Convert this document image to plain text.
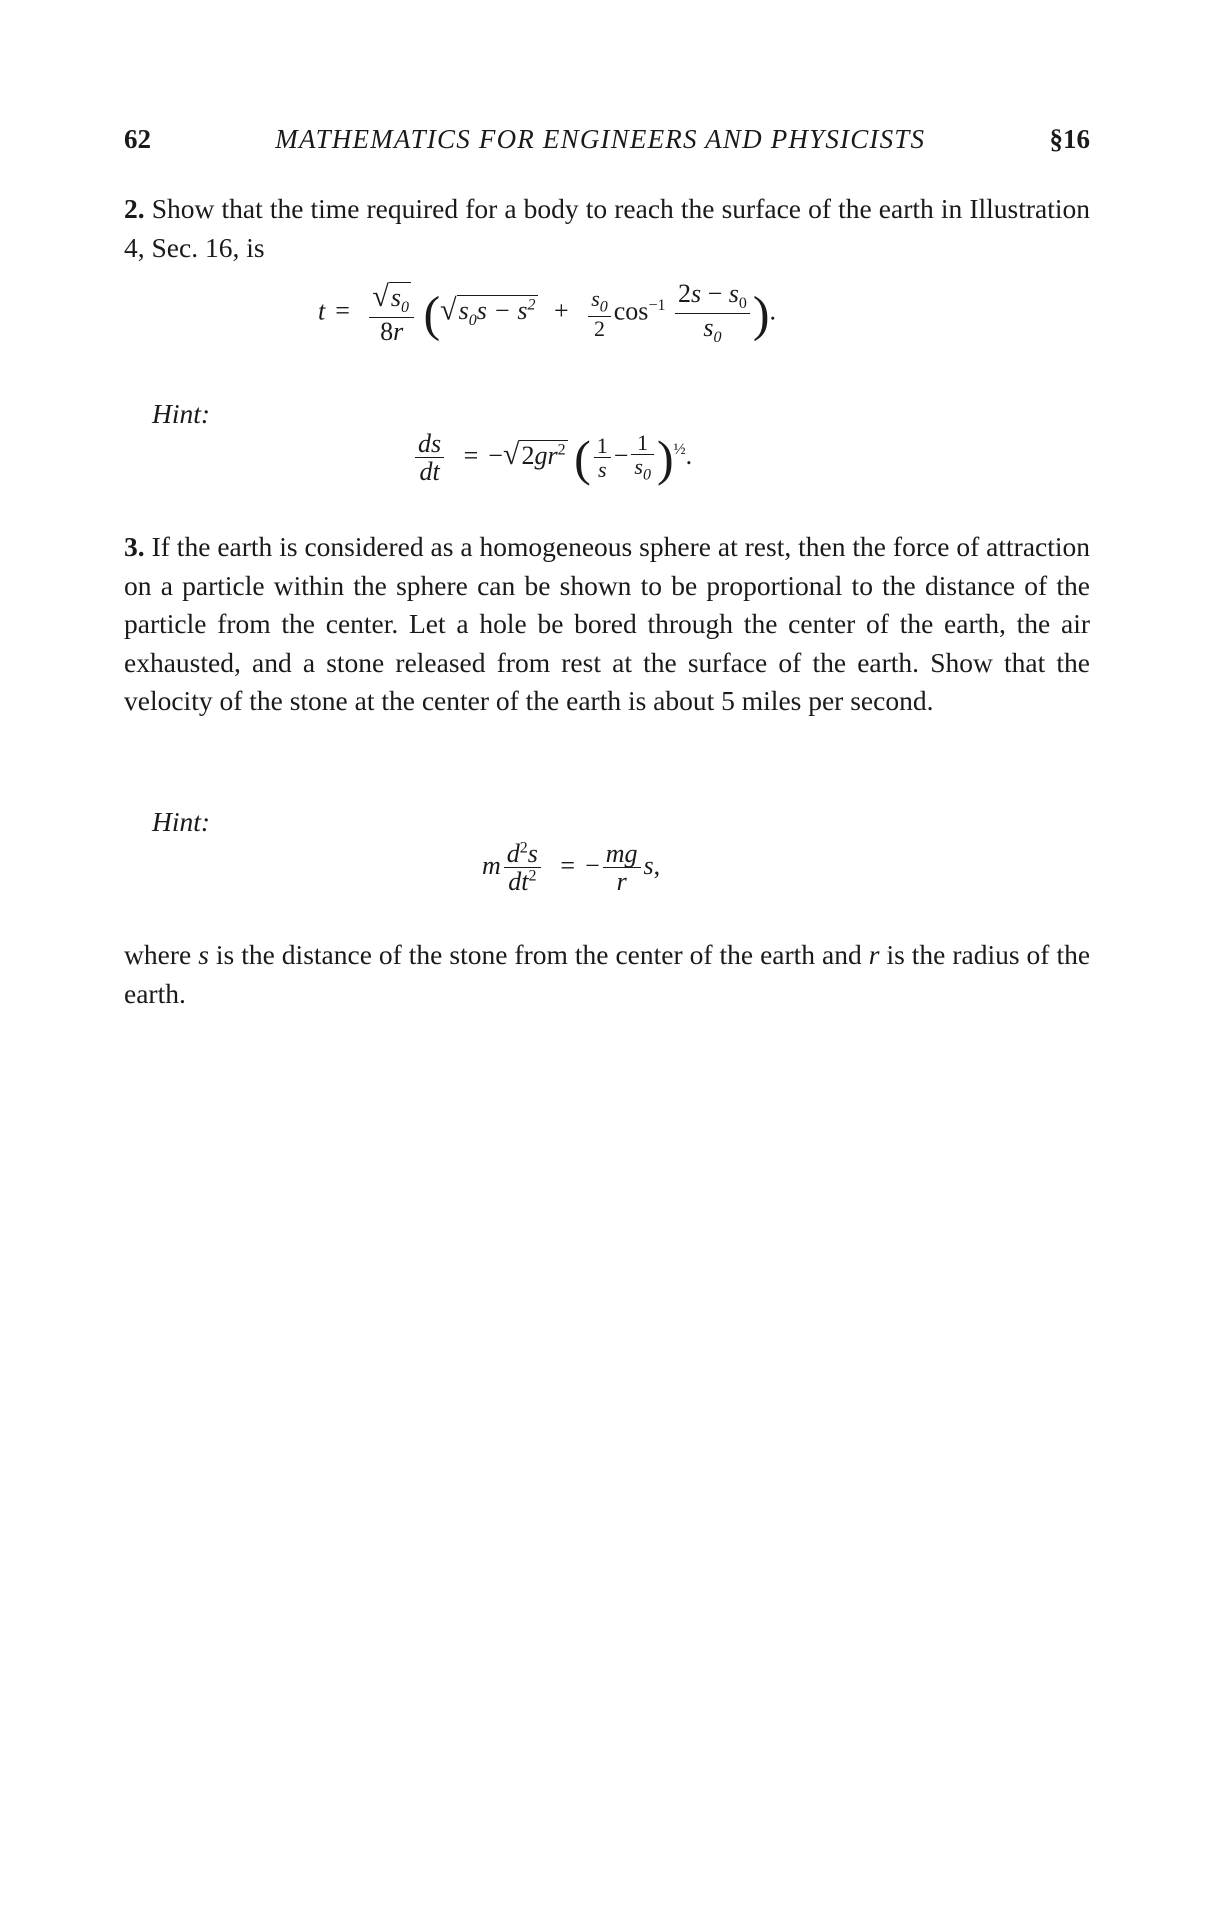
62	MATHEMATICS FOR ENGINEERS AND PHYSICISTS	§16
2. Show that the time required for a body to reach the surface of the earth in Illustration 4, Sec. 16, is
$t = \frac{√s_0}{8r} (√s_0s - s^2 + \frac{s_0}{2} \cos^{-1} \frac{2s - s_0}{s_0}$ ).
Hint:
$\frac{ds}{dt} = -√2gr^2$ ( $\frac{1}{s} - \frac{1}{s_0} )^{\frac{1}{2}}$.
3. If the earth is considered as a homogeneous sphere at rest, then the force of attraction on a particle within the sphere can be shown to be proportional to the distance of the particle from the center. Let a hole be bored through the center of the earth, the air exhausted, and a stone released from rest at the surface of the earth. Show that the velocity of the stone at the center of the earth is about 5 miles per second.
Hint:
m $\frac{d^2s}{dt^2}$ = − $\frac{mg}{r} s$,
where s is the distance of the stone from the center of the earth and r is the radius of the earth.
